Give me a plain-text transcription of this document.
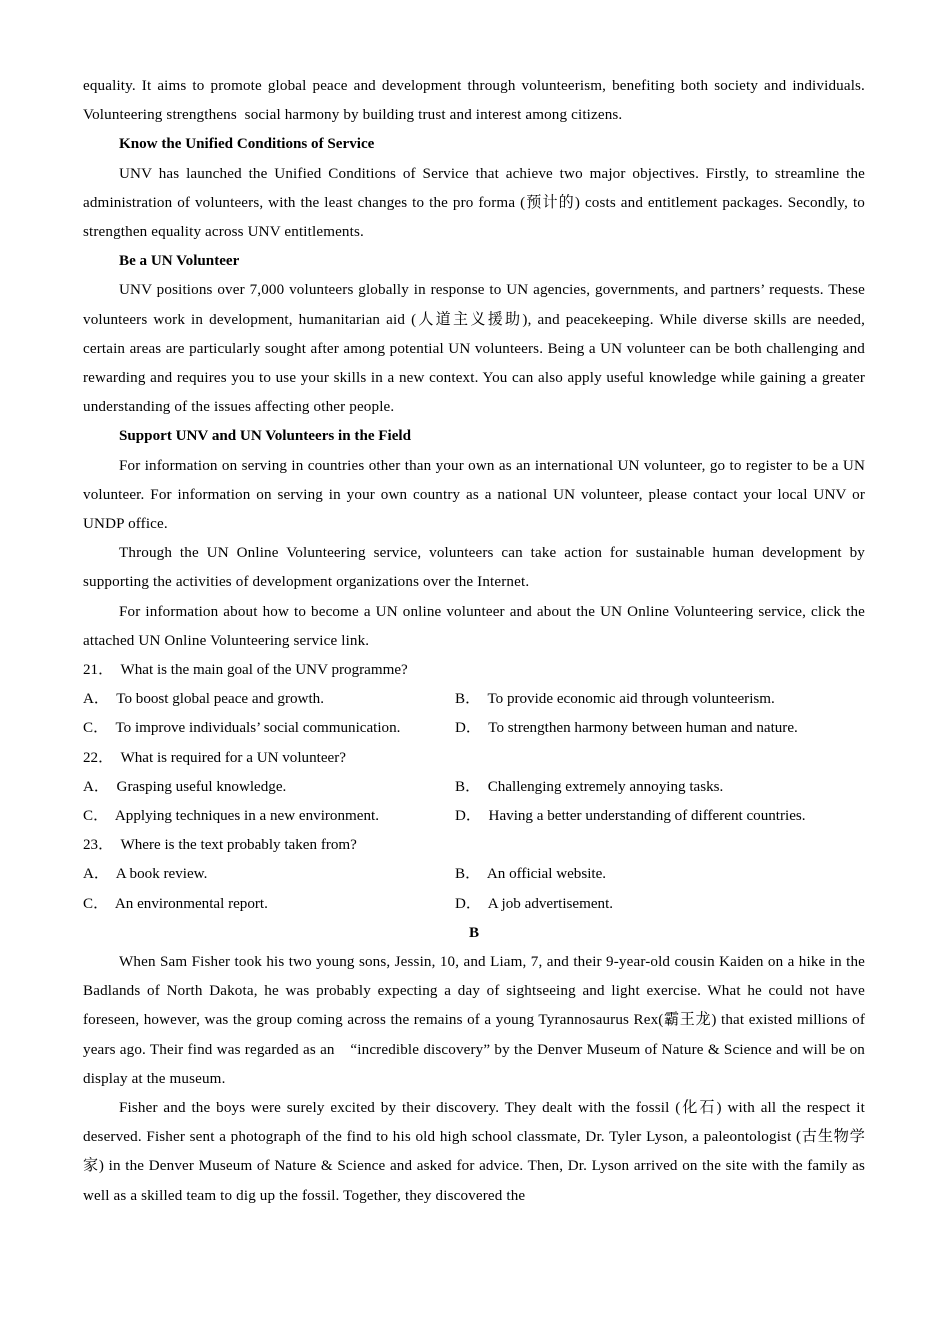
equality. It aims to promote global peace and development through volunteerism, benefiting both society and individuals. Volunteering strengthens  social harmony by building trust and interest among citizens.

Know the Unified Conditions of Service

UNV has launched the Unified Conditions of Service that achieve two major objectives. Firstly, to streamline the administration of volunteers, with the least changes to the pro forma (预计的) costs and entitlement packages. Secondly, to strengthen equality across UNV entitlements.

Be a UN Volunteer

UNV positions over 7,000 volunteers globally in response to UN agencies, governments, and partners’ requests. These volunteers work in development, humanitarian aid (人道主义援助), and peacekeeping. While diverse skills are needed, certain areas are particularly sought after among potential UN volunteers. Being a UN volunteer can be both challenging and rewarding and requires you to use your skills in a new context. You can also apply useful knowledge while gaining a greater understanding of the issues affecting other people.

Support UNV and UN Volunteers in the Field

For information on serving in countries other than your own as an international UN volunteer, go to register to be a UN volunteer. For information on serving in your own country as a national UN volunteer, please contact your local UNV or UNDP office.

Through the UN Online Volunteering service, volunteers can take action for sustainable human development by supporting the activities of development organizations over the Internet.

For information about how to become a UN online volunteer and about the UN Online Volunteering service, click the attached UN Online Volunteering service link.

21． What is the main goal of the UNV programme?

A． To boost global peace and growth.	B． To provide economic aid through volunteerism.
C． To improve individuals’ social communication.	D． To strengthen harmony between human and nature.

22． What is required for a UN volunteer?

A． Grasping useful knowledge.	B． Challenging extremely annoying tasks.
C． Applying techniques in a new environment.	D． Having a better understanding of different countries.

23． Where is the text probably taken from?

A． A book review.	B． An official website.
C． An environmental report.	D． A job advertisement.

B

When Sam Fisher took his two young sons, Jessin, 10, and Liam, 7, and their 9-year-old cousin Kaiden on a hike in the Badlands of North Dakota, he was probably expecting a day of sightseeing and light exercise. What he could not have foreseen, however, was the group coming across the remains of a young Tyrannosaurus Rex(霸王龙) that existed millions of years ago. Their find was regarded as an　“incredible discovery” by the Denver Museum of Nature & Science and will be on display at the museum.

Fisher and the boys were surely excited by their discovery. They dealt with the fossil (化石) with all the respect it deserved. Fisher sent a photograph of the find to his old high school classmate, Dr. Tyler Lyson, a paleontologist (古生物学家) in the Denver Museum of Nature & Science and asked for advice. Then, Dr. Lyson arrived on the site with the family as well as a skilled team to dig up the fossil. Together, they discovered the
